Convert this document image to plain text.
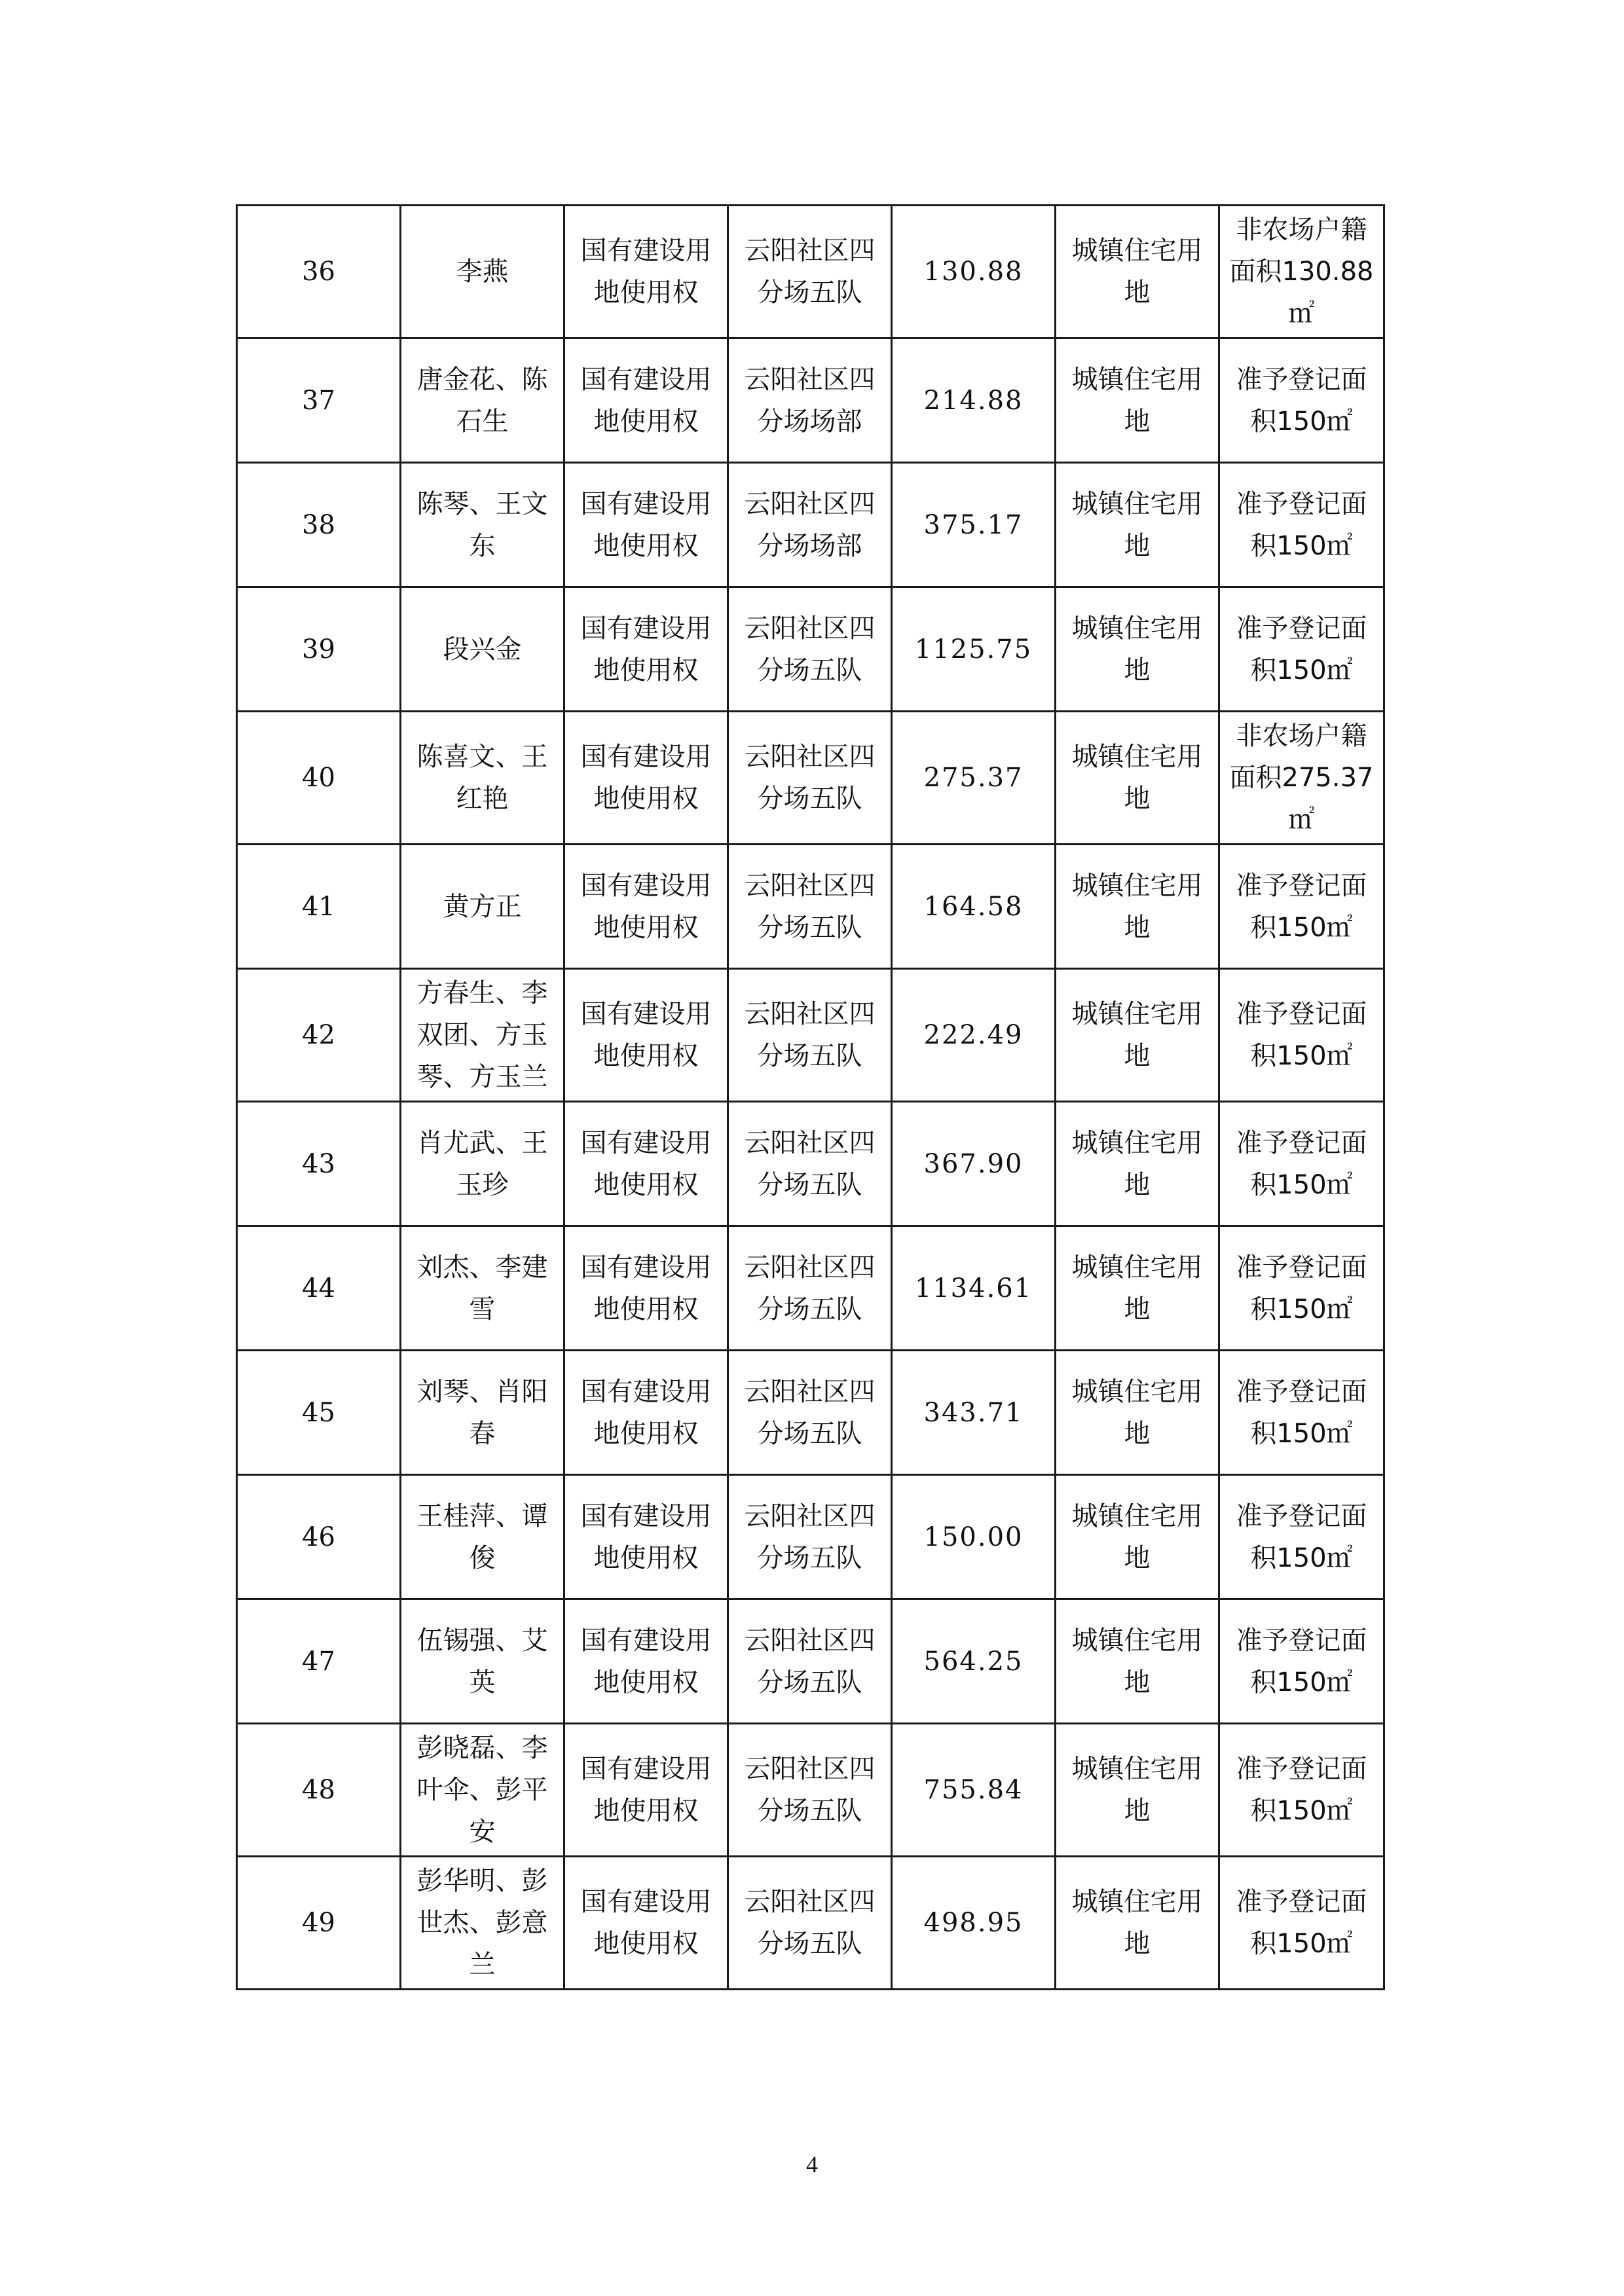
36	李燕	国有建设用地使用权	云阳社区四分场五队	130.88	城镇住宅用地	非农场户籍面积130.88㎡
37	唐金花、陈石生	国有建设用地使用权	云阳社区四分场场部	214.88	城镇住宅用地	准予登记面积150㎡
38	陈琴、王文东	国有建设用地使用权	云阳社区四分场场部	375.17	城镇住宅用地	准予登记面积150㎡
39	段兴金	国有建设用地使用权	云阳社区四分场五队	1125.75	城镇住宅用地	准予登记面积150㎡
40	陈喜文、王红艳	国有建设用地使用权	云阳社区四分场五队	275.37	城镇住宅用地	非农场户籍面积275.37㎡
41	黄方正	国有建设用地使用权	云阳社区四分场五队	164.58	城镇住宅用地	准予登记面积150㎡
42	方春生、李双团、方玉琴、方玉兰	国有建设用地使用权	云阳社区四分场五队	222.49	城镇住宅用地	准予登记面积150㎡
43	肖尤武、王玉珍	国有建设用地使用权	云阳社区四分场五队	367.90	城镇住宅用地	准予登记面积150㎡
44	刘杰、李建雪	国有建设用地使用权	云阳社区四分场五队	1134.61	城镇住宅用地	准予登记面积150㎡
45	刘琴、肖阳春	国有建设用地使用权	云阳社区四分场五队	343.71	城镇住宅用地	准予登记面积150㎡
46	王桂萍、谭俊	国有建设用地使用权	云阳社区四分场五队	150.00	城镇住宅用地	准予登记面积150㎡
47	伍锡强、艾英	国有建设用地使用权	云阳社区四分场五队	564.25	城镇住宅用地	准予登记面积150㎡
48	彭晓磊、李叶伞、彭平安	国有建设用地使用权	云阳社区四分场五队	755.84	城镇住宅用地	准予登记面积150㎡
49	彭华明、彭世杰、彭意兰	国有建设用地使用权	云阳社区四分场五队	498.95	城镇住宅用地	准予登记面积150㎡
4
